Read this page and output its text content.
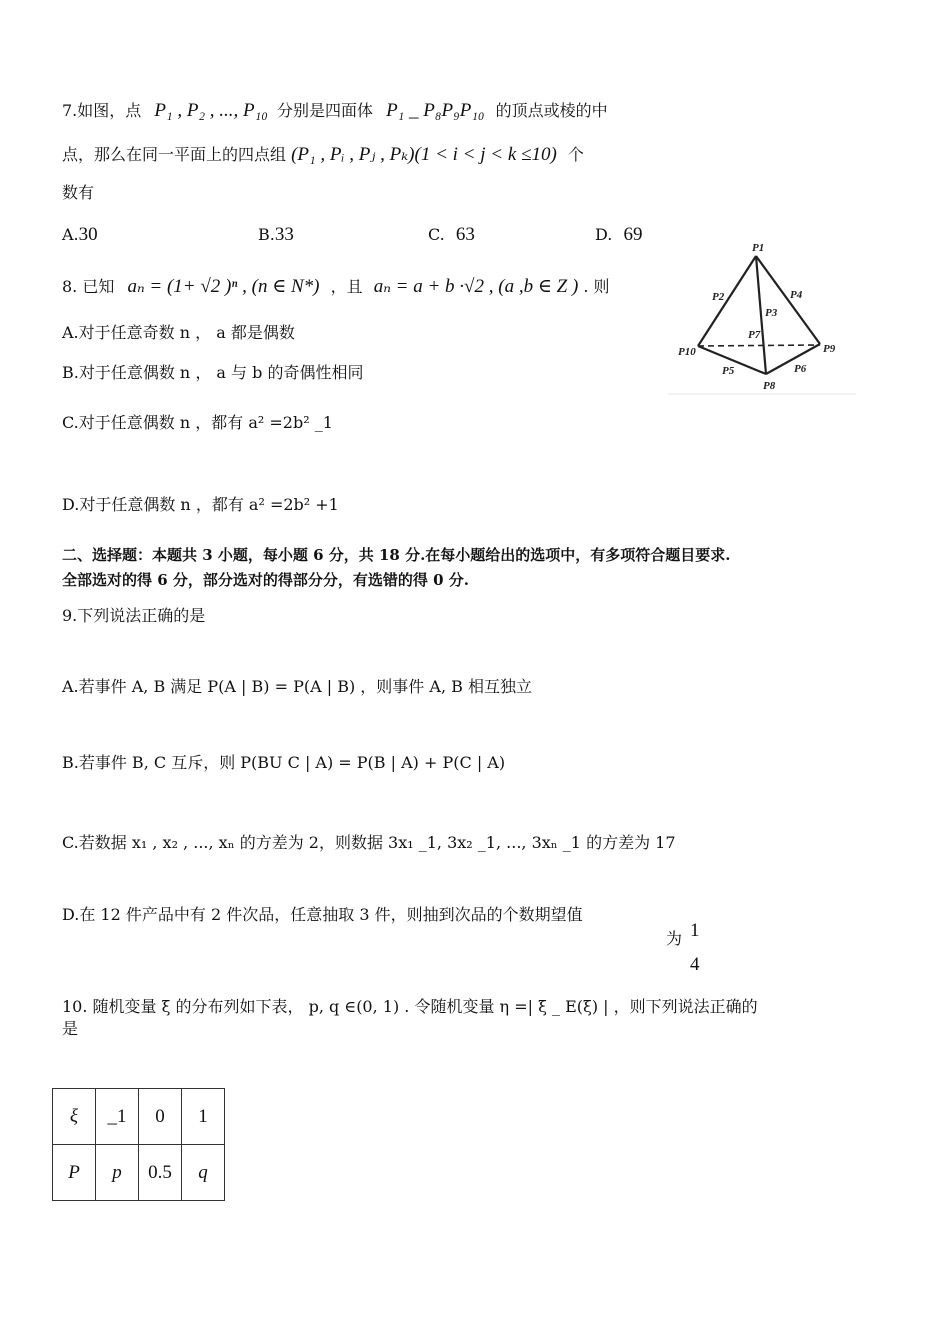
7.如图，点 P₁ , P₂ , ..., P₁₀ 分别是四面体 P₁ _ P₈P₉P₁₀ 的顶点或棱的中
点，那么在同一平面上的四点组 (P₁ , Pᵢ , Pⱼ , Pₖ)(1 < i < j < k ≤10) 个
数有
A.30	B.33	C. 63	D. 69
P1
P2
P3
P4
P5	P6
P7
P8
P9
P10
8. 已知 aₙ = (1+ √2 )ⁿ , (n ∈ N*) ，且 aₙ = a + b ·√2 , (a ,b ∈ Z ) . 则
A.对于任意奇数 n ， a 都是偶数
B.对于任意偶数 n ， a 与 b 的奇偶性相同
C.对于任意偶数 n ，都有 a² =2b² _1
D.对于任意偶数 n ，都有 a² =2b² +1
二、选择题：本题共 3 小题，每小题 6 分，共 18 分.在每小题给出的选项中，有多项符合题目要求.
全部选对的得 6 分，部分选对的得部分分，有选错的得 0 分.
9.下列说法正确的是
A.若事件 A, B 满足 P(A | B) = P(A | B) ，则事件 A, B 相互独立
B.若事件 B, C 互斥，则 P(BU C | A) = P(B | A) + P(C | A)
C.若数据 x₁ , x₂ , ..., xₙ 的方差为 2，则数据 3x₁ _1, 3x₂ _1, ..., 3xₙ _1 的方差为 17
D.在 12 件产品中有 2 件次品，任意抽取 3 件，则抽到次品的个数期望值
为 1
4
10. 随机变量 ξ 的分布列如下表， p, q ∈(0, 1) . 令随机变量 η =| ξ _ E(ξ) | ，则下列说法正确的
是
ξ	_1	0	1
P	p	0.5	q
